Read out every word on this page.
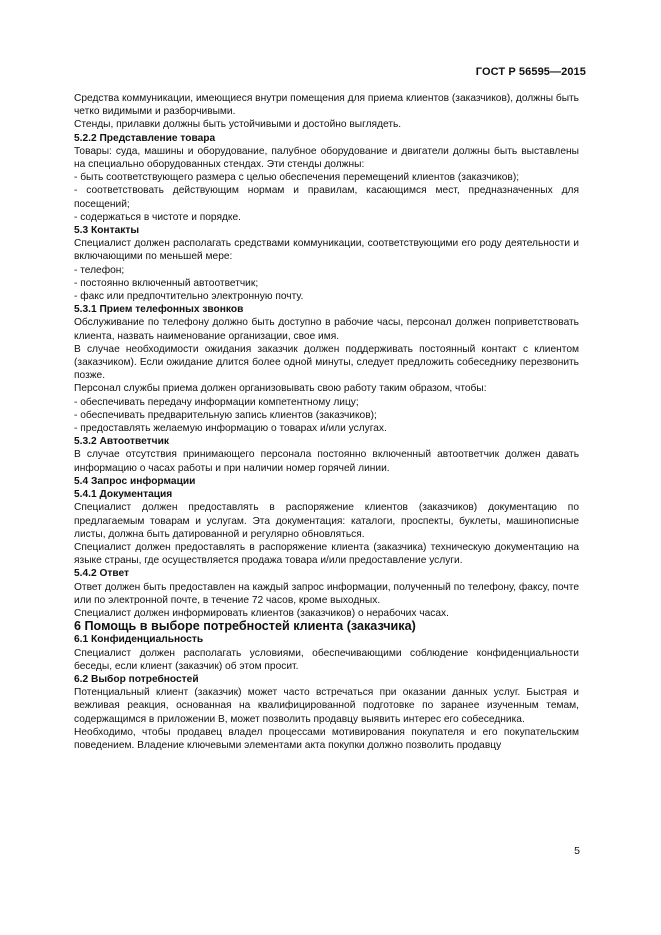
ГОСТ Р 56595—2015

Средства коммуникации, имеющиеся внутри помещения для приема клиентов (заказчиков), должны быть четко видимыми и разборчивыми.

Стенды, прилавки должны быть устойчивыми и достойно выглядеть.

5.2.2 Представление товара

Товары: суда, машины и оборудование, палубное оборудование и двигатели должны быть выставлены на специально оборудованных стендах. Эти стенды должны:

- быть соответствующего размера с целью обеспечения перемещений клиентов (заказчиков);

- соответствовать действующим нормам и правилам, касающимся мест, предназначенных для посещений;

- содержаться в чистоте и порядке.

5.3 Контакты

Специалист должен располагать средствами коммуникации, соответствующими его роду деятельности и включающими по меньшей мере:

- телефон;

- постоянно включенный автоответчик;

- факс или предпочтительно электронную почту.

5.3.1 Прием телефонных звонков

Обслуживание по телефону должно быть доступно в рабочие часы, персонал должен поприветствовать клиента, назвать наименование организации, свое имя.

В случае необходимости ожидания заказчик должен поддерживать постоянный контакт с клиентом (заказчиком). Если ожидание длится более одной минуты, следует предложить собеседнику перезвонить позже.

Персонал службы приема должен организовывать свою работу таким образом, чтобы:

- обеспечивать передачу информации компетентному лицу;

- обеспечивать предварительную запись клиентов (заказчиков);

- предоставлять желаемую информацию о товарах и/или услугах.

5.3.2 Автоответчик

В случае отсутствия принимающего персонала постоянно включенный автоответчик должен давать информацию о часах работы и при наличии номер горячей линии.

5.4 Запрос информации

5.4.1 Документация

Специалист должен предоставлять в распоряжение клиентов (заказчиков) документацию по предлагаемым товарам и услугам. Эта документация: каталоги, проспекты, буклеты, машинописные листы, должна быть датированной и регулярно обновляться.

Специалист должен предоставлять в распоряжение клиента (заказчика) техническую документацию на языке страны, где осуществляется продажа товара и/или предоставление услуги.

5.4.2 Ответ

Ответ должен быть предоставлен на каждый запрос информации, полученный по телефону, факсу, почте или по электронной почте, в течение 72 часов, кроме выходных.

Специалист должен информировать клиентов (заказчиков) о нерабочих часах.

6 Помощь в выборе потребностей клиента (заказчика)

6.1 Конфиденциальность

Специалист должен располагать условиями, обеспечивающими соблюдение конфиденциальности беседы, если клиент (заказчик) об этом просит.

6.2 Выбор потребностей

Потенциальный клиент (заказчик) может часто встречаться при оказании данных услуг. Быстрая и вежливая реакция, основанная на квалифицированной подготовке по заранее изученным темам, содержащимся в приложении В, может позволить продавцу выявить интерес его собеседника.

Необходимо, чтобы продавец владел процессами мотивирования покупателя и его покупательским поведением. Владение ключевыми элементами акта покупки должно позволить продавцу

5
